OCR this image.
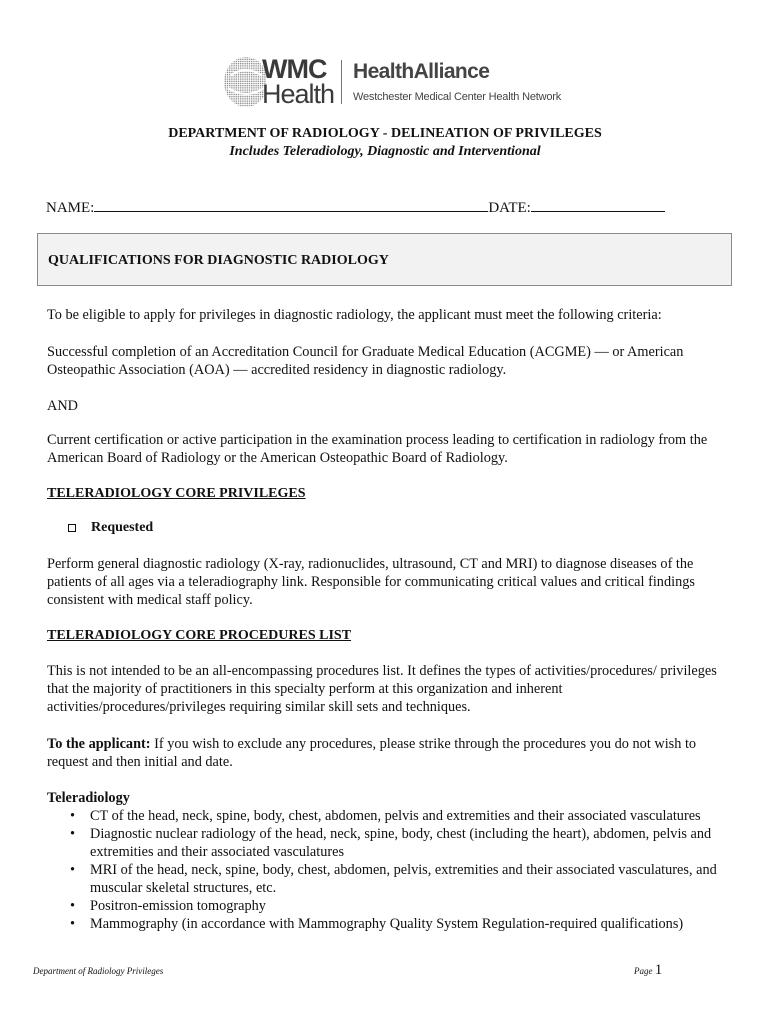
WMC
Health
HealthAlliance
Westchester Medical Center Health Network
DEPARTMENT OF RADIOLOGY - DELINEATION OF PRIVILEGES
Includes Teleradiology, Diagnostic and Interventional
NAME:	DATE:
QUALIFICATIONS FOR DIAGNOSTIC RADIOLOGY
To be eligible to apply for privileges in diagnostic radiology, the applicant must meet the following criteria:
Successful completion of an Accreditation Council for Graduate Medical Education (ACGME) — or American Osteopathic Association (AOA) — accredited residency in diagnostic radiology.
AND
Current certification or active participation in the examination process leading to certification in radiology from the American Board of Radiology or the American Osteopathic Board of Radiology.
TELERADIOLOGY CORE PRIVILEGES
Requested
Perform general diagnostic radiology (X-ray, radionuclides, ultrasound, CT and MRI) to diagnose diseases of the patients of all ages via a teleradiography link. Responsible for communicating critical values and critical findings consistent with medical staff policy.
TELERADIOLOGY CORE PROCEDURES LIST
This is not intended to be an all-encompassing procedures list. It defines the types of activities/procedures/ privileges that the majority of practitioners in this specialty perform at this organization and inherent activities/procedures/privileges requiring similar skill sets and techniques.
To the applicant: If you wish to exclude any procedures, please strike through the procedures you do not wish to request and then initial and date.
Teleradiology
• CT of the head, neck, spine, body, chest, abdomen, pelvis and extremities and their associated vasculatures
• Diagnostic nuclear radiology of the head, neck, spine, body, chest (including the heart), abdomen, pelvis and extremities and their associated vasculatures
• MRI of the head, neck, spine, body, chest, abdomen, pelvis, extremities and their associated vasculatures, and muscular skeletal structures, etc.
• Positron-emission tomography
• Mammography (in accordance with Mammography Quality System Regulation-required qualifications)
Department of Radiology Privileges	Page 1
